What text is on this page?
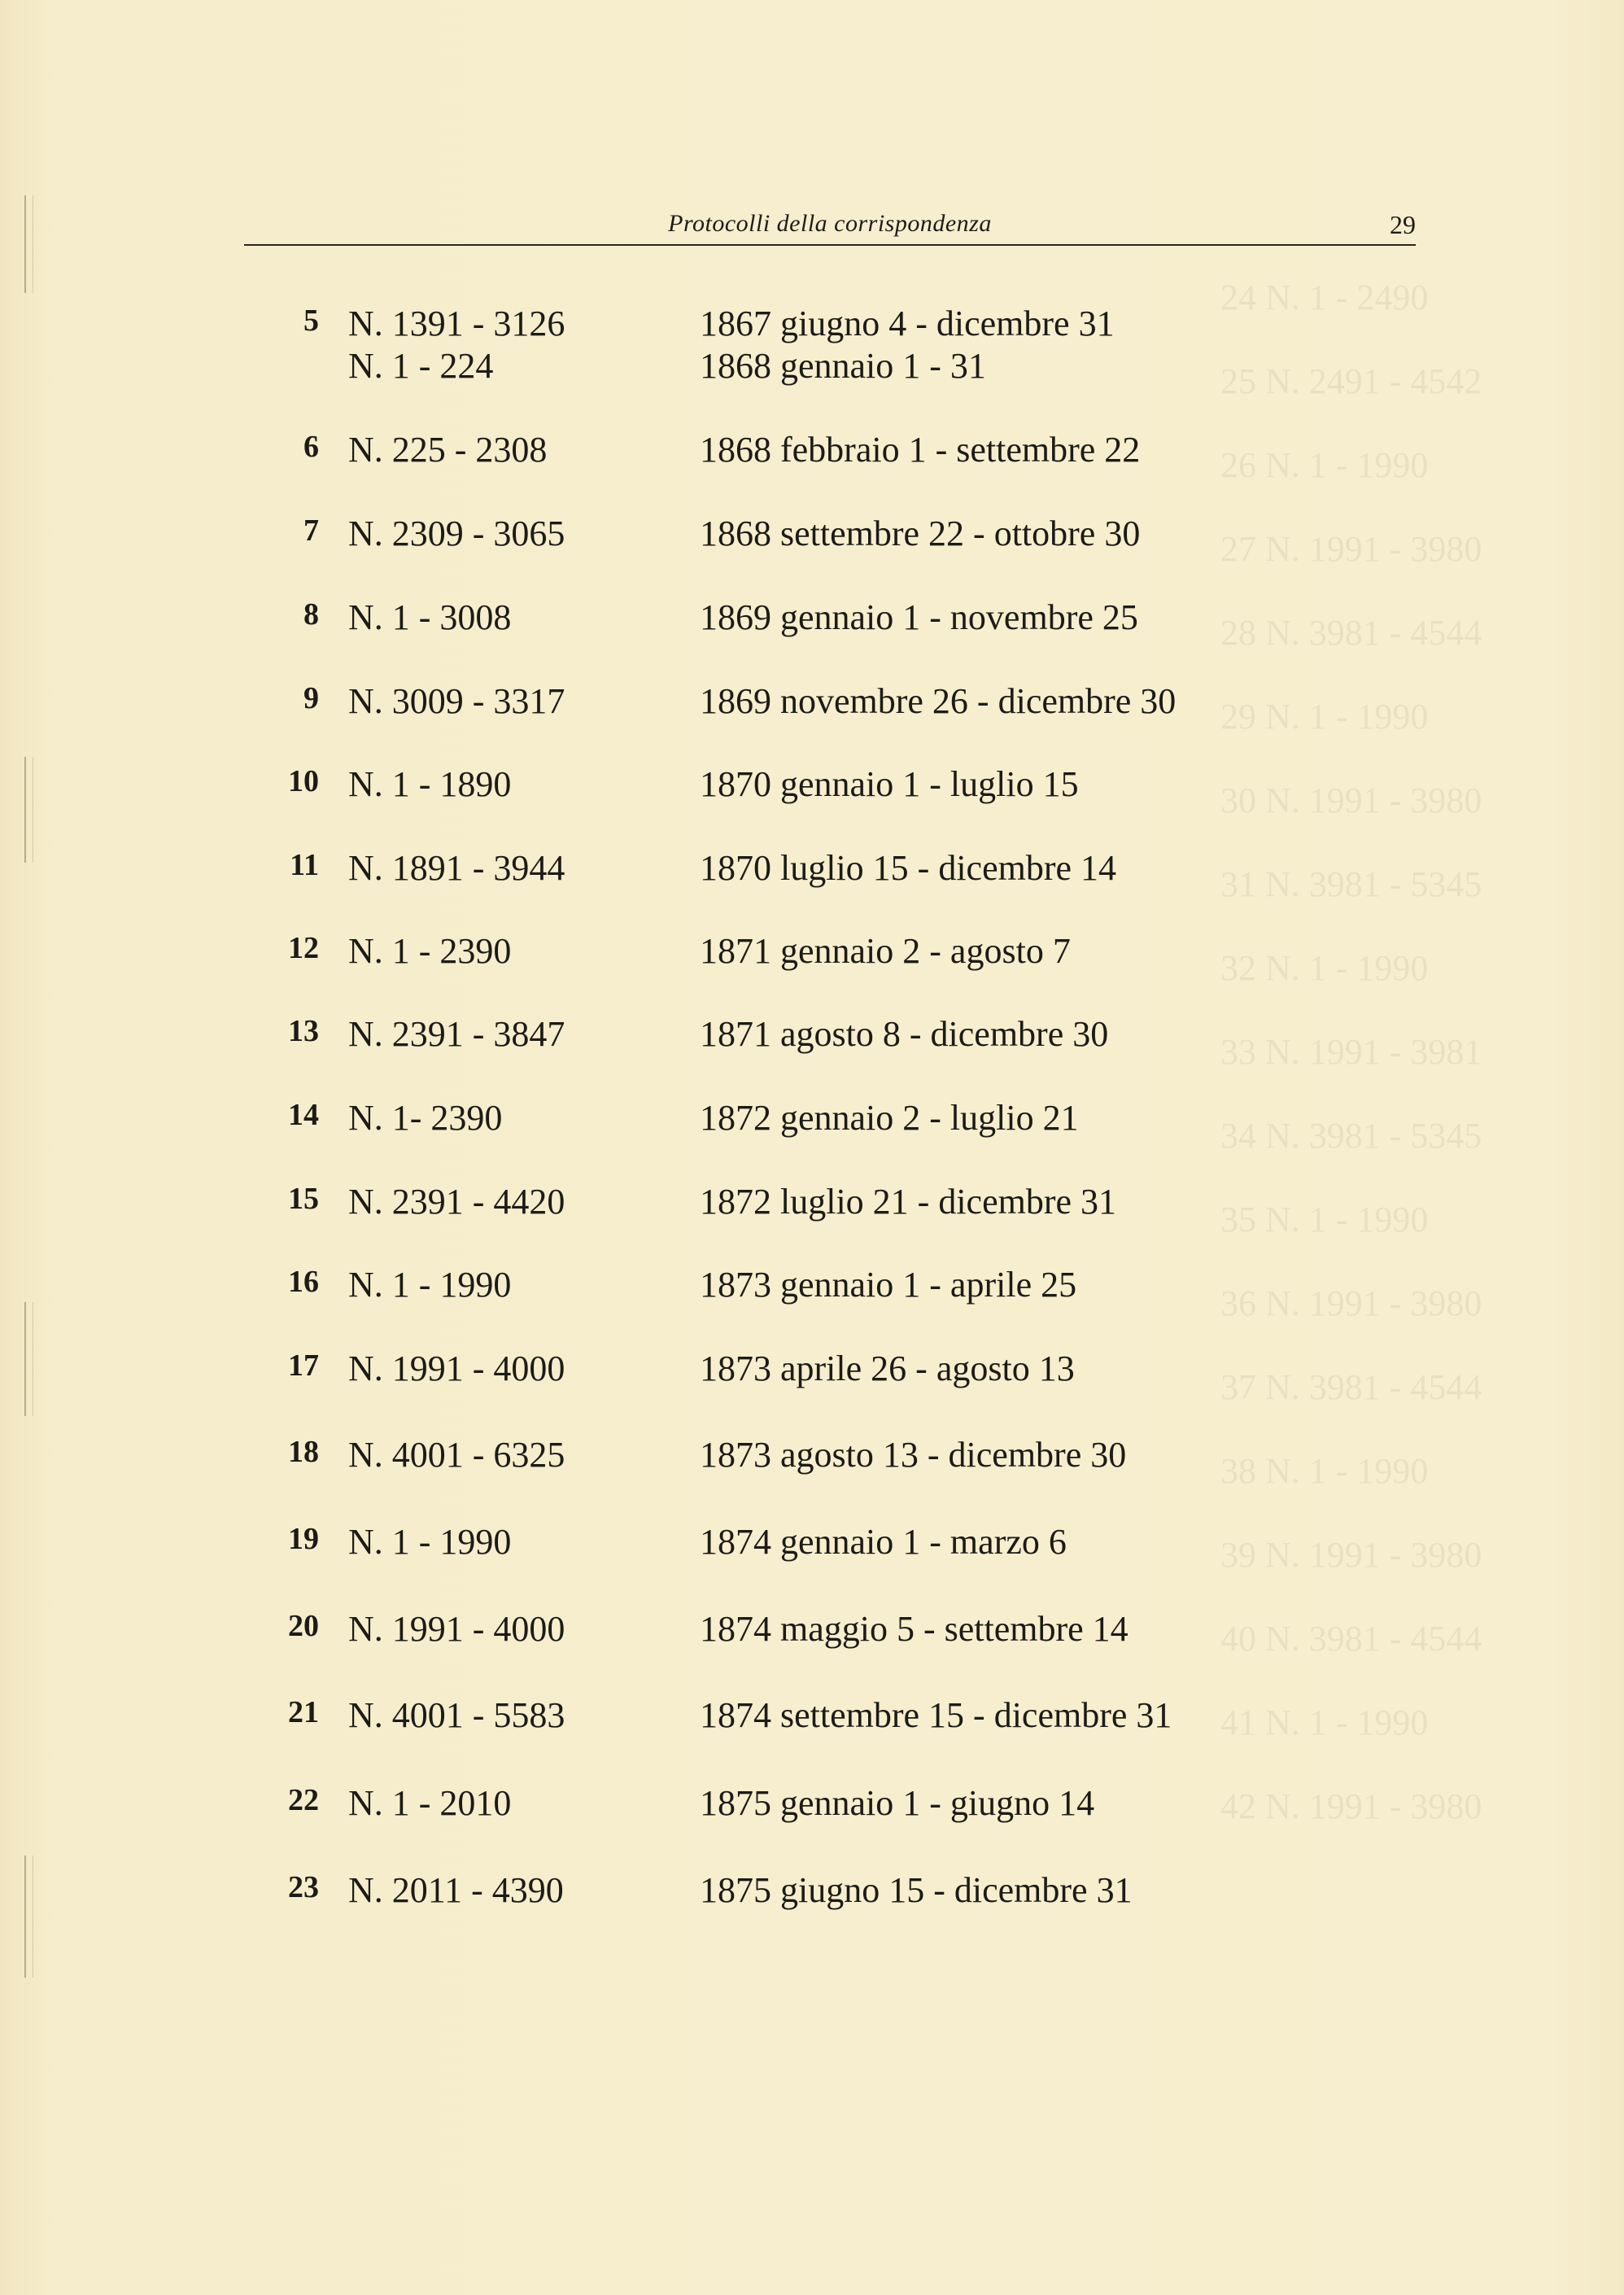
24 N. 1 - 2490
25 N. 2491 - 4542
26 N. 1 - 1990
27 N. 1991 - 3980
28 N. 3981 - 4544
29 N. 1 - 1990
30 N. 1991 - 3980
31 N. 3981 - 5345
32 N. 1 - 1990
33 N. 1991 - 3981
34 N. 3981 - 5345
35 N. 1 - 1990
36 N. 1991 - 3980
37 N. 3981 - 4544
38 N. 1 - 1990
39 N. 1991 - 3980
40 N. 3981 - 4544
41 N. 1 - 1990
42 N. 1991 - 3980
Protocolli della corrispondenza	29
5 N. 1391 - 3126	1867 giugno 4 - dicembre 31
N. 1 - 224	1868 gennaio 1 - 31
6 N. 225 - 2308	1868 febbraio 1 - settembre 22
7 N. 2309 - 3065	1868 settembre 22 - ottobre 30
8 N. 1 - 3008	1869 gennaio 1 - novembre 25
9 N. 3009 - 3317	1869 novembre 26 - dicembre 30
10 N. 1 - 1890	1870 gennaio 1 - luglio 15
11 N. 1891 - 3944	1870 luglio 15 - dicembre 14
12 N. 1 - 2390	1871 gennaio 2 - agosto 7
13 N. 2391 - 3847	1871 agosto 8 - dicembre 30
14 N. 1- 2390	1872 gennaio 2 - luglio 21
15 N. 2391 - 4420	1872 luglio 21 - dicembre 31
16 N. 1 - 1990	1873 gennaio 1 - aprile 25
17 N. 1991 - 4000	1873 aprile 26 - agosto 13
18 N. 4001 - 6325	1873 agosto 13 - dicembre 30
19 N. 1 - 1990	1874 gennaio 1 - marzo 6
20 N. 1991 - 4000	1874 maggio 5 - settembre 14
21 N. 4001 - 5583	1874 settembre 15 - dicembre 31
22 N. 1 - 2010	1875 gennaio 1 - giugno 14
23 N. 2011 - 4390	1875 giugno 15 - dicembre 31
